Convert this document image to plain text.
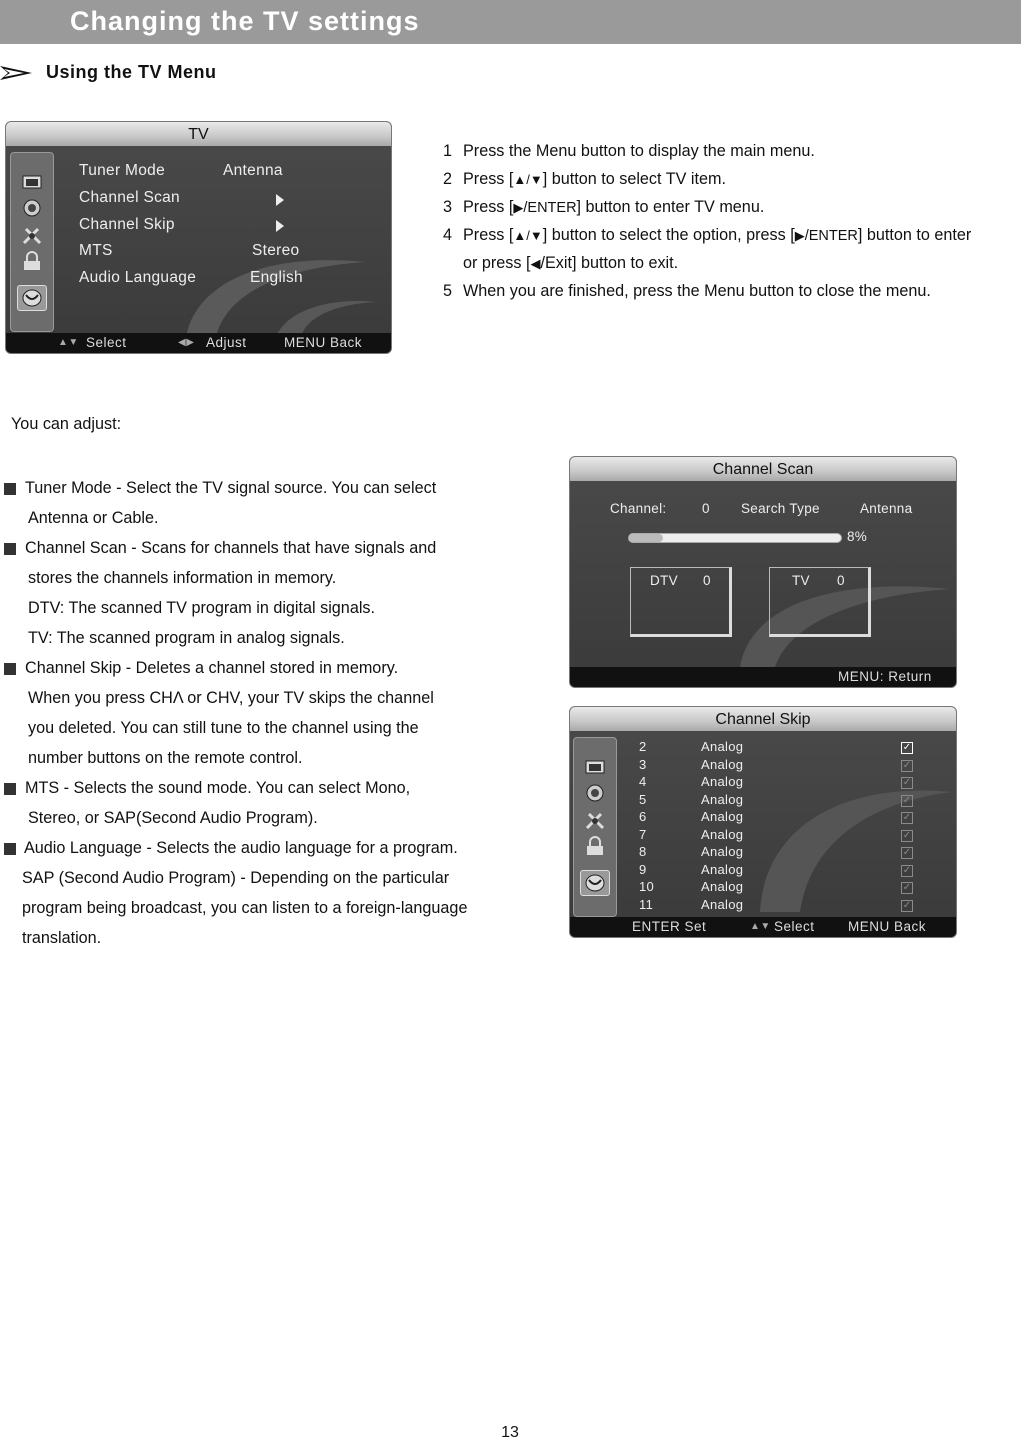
Changing the TV settings
Using the TV Menu
TV
Tuner Mode	Antenna
Channel Scan
Channel Skip
MTS	Stereo
Audio Language	English
▲▼ Select	◀▶ Adjust	MENU Back
1 Press the Menu button to display the main menu.
2 Press [▲/▼] button to select TV item.
3 Press [▶/ENTER] button to enter TV menu.
4 Press [▲/▼] button to select the option, press [▶/ENTER] button to enter
or press [◀/Exit] button to exit.
5 When you are finished, press the Menu button to close the menu.
You can adjust:
Tuner Mode - Select the TV signal source. You can select
Antenna or Cable.
Channel Scan - Scans for channels that have signals and
stores the channels information in memory.
DTV: The scanned TV program in digital signals.
TV: The scanned program in analog signals.
Channel Skip - Deletes a channel stored in memory.
When you press CHΛ or CHV, your TV skips the channel
you deleted. You can still tune to the channel using the
number buttons on the remote control.
MTS - Selects the sound mode. You can select Mono,
Stereo, or SAP(Second Audio Program).
Audio Language - Selects the audio language for a program.
SAP (Second Audio Program) - Depending on the particular
program being broadcast, you can listen to a foreign-language
translation.
Channel Scan
Channel:	0 Search Type	Antenna
8%
DTV 0	TV 0
MENU: Return
Channel Skip
2	Analog	✓
3	Analog	✓
4	Analog	✓
5	Analog	✓
6	Analog	✓
7	Analog	✓
8	Analog	✓
9	Analog	✓
10	Analog	✓
11	Analog	✓
ENTER Set	▲▼ Select MENU Back
13
